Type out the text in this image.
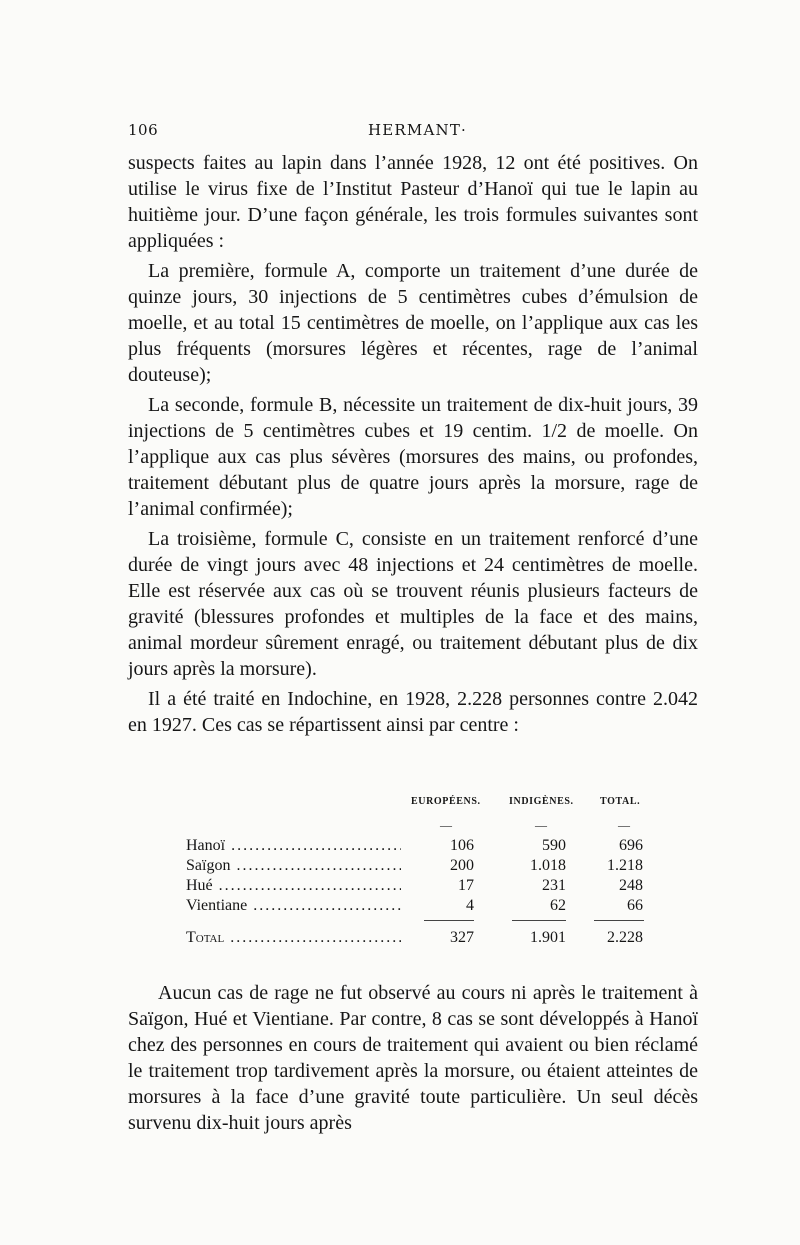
106	HERMANT·

suspects faites au lapin dans l’année 1928, 12 ont été positives. On utilise le virus fixe de l’Institut Pasteur d’Hanoï qui tue le lapin au huitième jour. D’une façon générale, les trois formules suivantes sont appliquées :

La première, formule A, comporte un traitement d’une durée de quinze jours, 30 injections de 5 centimètres cubes d’émulsion de moelle, et au total 15 centimètres de moelle, on l’applique aux cas les plus fréquents (morsures légères et récentes, rage de l’animal douteuse);

La seconde, formule B, nécessite un traitement de dix-huit jours, 39 injections de 5 centimètres cubes et 19 centim. 1/2 de moelle. On l’applique aux cas plus sévères (morsures des mains, ou profondes, traitement débutant plus de quatre jours après la morsure, rage de l’animal confirmée);

La troisième, formule C, consiste en un traitement renforcé d’une durée de vingt jours avec 48 injections et 24 centimètres de moelle. Elle est réservée aux cas où se trouvent réunis plusieurs facteurs de gravité (blessures profondes et multiples de la face et des mains, animal mordeur sûrement enragé, ou traitement débutant plus de dix jours après la morsure).

Il a été traité en Indochine, en 1928, 2.228 personnes contre 2.042 en 1927. Ces cas se répartissent ainsi par centre :

EUROPÉENS.	INDIGÈNES.	TOTAL.
—	—	—
Hanoï .....	106	590	696
Saïgon .....	200	1.018	1.218
Hué .....	17	231	248
Vientiane .....	4	62	66
Total .....	327	1.901	2.228

Aucun cas de rage ne fut observé au cours ni après le traitement à Saïgon, Hué et Vientiane. Par contre, 8 cas se sont développés à Hanoï chez des personnes en cours de traitement qui avaient ou bien réclamé le traitement trop tardivement après la morsure, ou étaient atteintes de morsures à la face d’une gravité toute particulière. Un seul décès survenu dix-huit jours après
